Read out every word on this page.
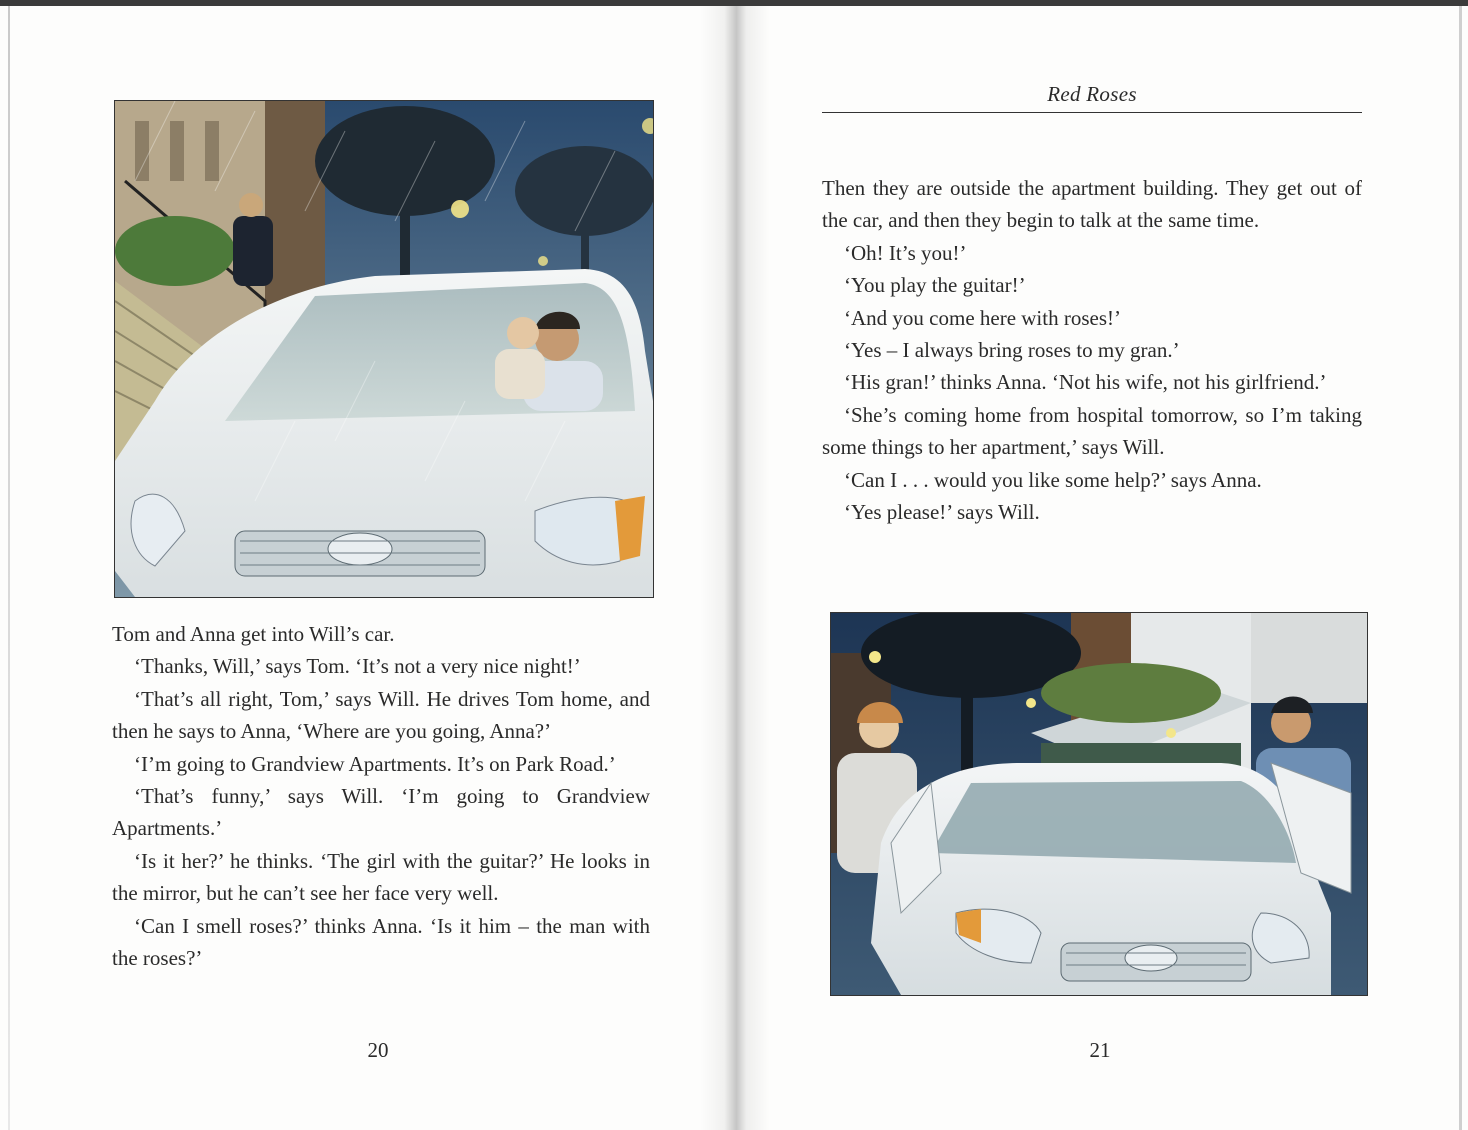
Tom and Anna get into Will’s car.

‘Thanks, Will,’ says Tom. ‘It’s not a very nice night!’

‘That’s all right, Tom,’ says Will. He drives Tom home, and then he says to Anna, ‘Where are you going, Anna?’

‘I’m going to Grandview Apartments. It’s on Park Road.’

‘That’s funny,’ says Will. ‘I’m going to Grandview Apartments.’

‘Is it her?’ he thinks. ‘The girl with the guitar?’ He looks in the mirror, but he can’t see her face very well.

‘Can I smell roses?’ thinks Anna. ‘Is it him – the man with the roses?’

20
Red Roses

Then they are outside the apartment building. They get out of the car, and then they begin to talk at the same time.

‘Oh! It’s you!’

‘You play the guitar!’

‘And you come here with roses!’

‘Yes – I always bring roses to my gran.’

‘His gran!’ thinks Anna. ‘Not his wife, not his girlfriend.’

‘She’s coming home from hospital tomorrow, so I’m taking some things to her apartment,’ says Will.

‘Can I . . . would you like some help?’ says Anna.

‘Yes please!’ says Will.

21
